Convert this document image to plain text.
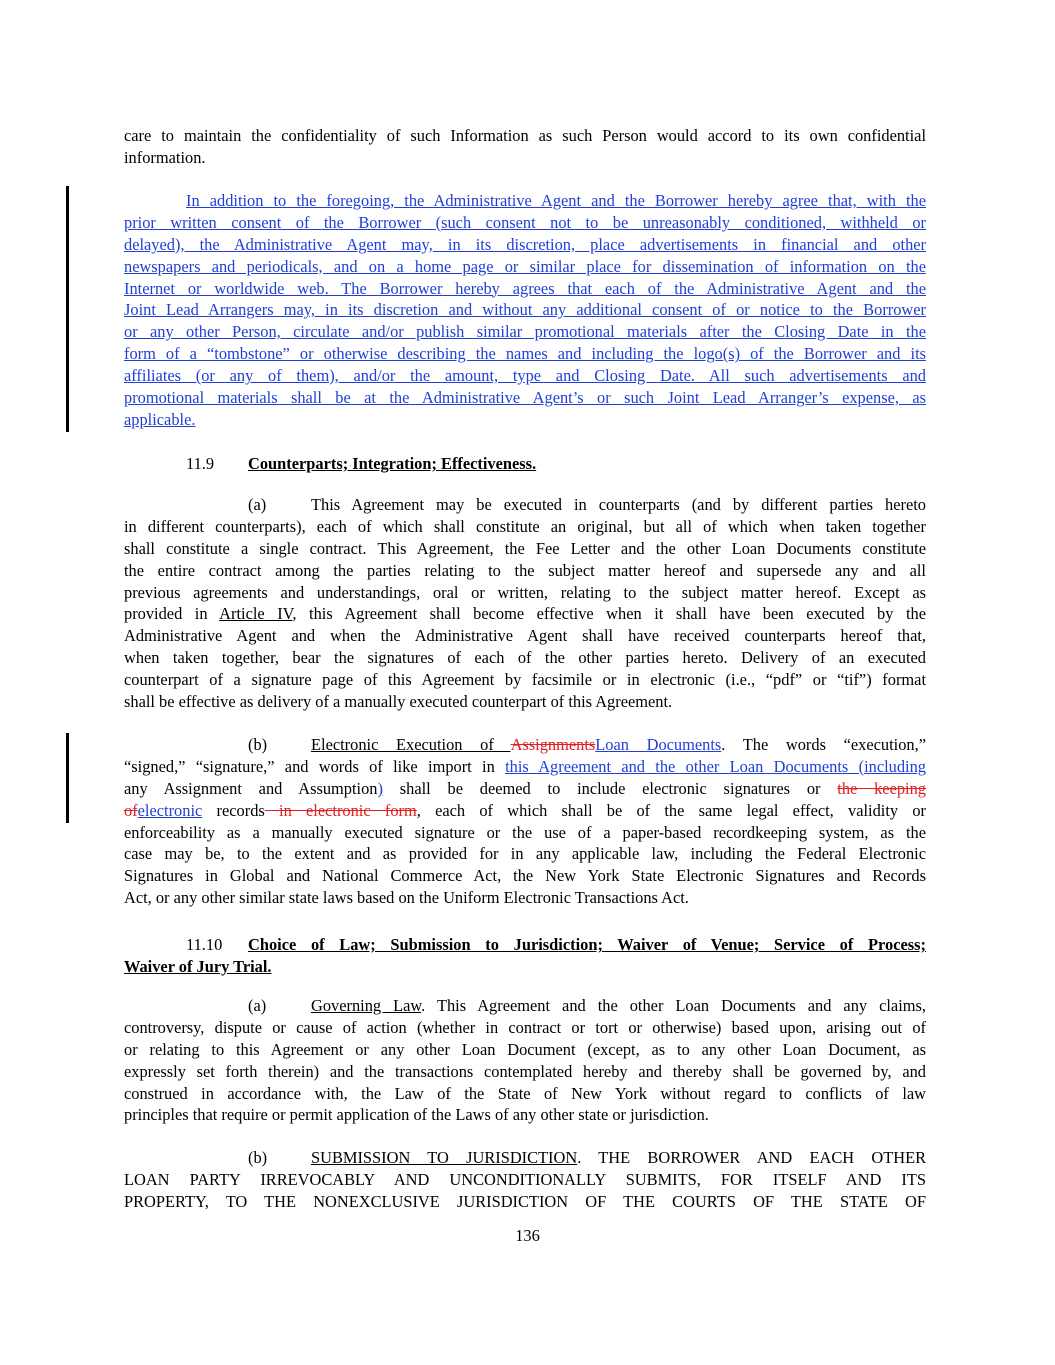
care to maintain the confidentiality of such Information as such Person would accord to its own confidential
information.
In addition to the foregoing, the Administrative Agent and the Borrower hereby agree that, with the
prior written consent of the Borrower (such consent not to be unreasonably conditioned, withheld or
delayed), the Administrative Agent may, in its discretion, place advertisements in financial and other
newspapers and periodicals, and on a home page or similar place for dissemination of information on the
Internet or worldwide web. The Borrower hereby agrees that each of the Administrative Agent and the
Joint Lead Arrangers may, in its discretion and without any additional consent of or notice to the Borrower
or any other Person, circulate and/or publish similar promotional materials after the Closing Date in the
form of a “tombstone” or otherwise describing the names and including the logo(s) of the Borrower and its
affiliates (or any of them), and/or the amount, type and Closing Date. All such advertisements and
promotional materials shall be at the Administrative Agent’s or such Joint Lead Arranger’s expense, as
applicable.
11.9 Counterparts; Integration; Effectiveness.
(a)	This Agreement may be executed in counterparts (and by different parties hereto
in different counterparts), each of which shall constitute an original, but all of which when taken together
shall constitute a single contract. This Agreement, the Fee Letter and the other Loan Documents constitute
the entire contract among the parties relating to the subject matter hereof and supersede any and all
previous agreements and understandings, oral or written, relating to the subject matter hereof. Except as
provided in Article IV, this Agreement shall become effective when it shall have been executed by the
Administrative Agent and when the Administrative Agent shall have received counterparts hereof that,
when taken together, bear the signatures of each of the other parties hereto. Delivery of an executed
counterpart of a signature page of this Agreement by facsimile or in electronic (i.e., “pdf” or “tif”) format
shall be effective as delivery of a manually executed counterpart of this Agreement.
(b)	Electronic Execution of AssignmentsLoan Documents. The words “execution,”
“signed,” “signature,” and words of like import in this Agreement and the other Loan Documents (including
any Assignment and Assumption) shall be deemed to include electronic signatures or the keeping
ofelectronic records in electronic form, each of which shall be of the same legal effect, validity or
enforceability as a manually executed signature or the use of a paper-based recordkeeping system, as the
case may be, to the extent and as provided for in any applicable law, including the Federal Electronic
Signatures in Global and National Commerce Act, the New York State Electronic Signatures and Records
Act, or any other similar state laws based on the Uniform Electronic Transactions Act.
11.10 Choice of Law; Submission to Jurisdiction; Waiver of Venue; Service of Process;
Waiver of Jury Trial.
(a)	Governing Law. This Agreement and the other Loan Documents and any claims,
controversy, dispute or cause of action (whether in contract or tort or otherwise) based upon, arising out of
or relating to this Agreement or any other Loan Document (except, as to any other Loan Document, as
expressly set forth therein) and the transactions contemplated hereby and thereby shall be governed by, and
construed in accordance with, the Law of the State of New York without regard to conflicts of law
principles that require or permit application of the Laws of any other state or jurisdiction.
(b)	SUBMISSION TO JURISDICTION. THE BORROWER AND EACH OTHER
LOAN PARTY IRREVOCABLY AND UNCONDITIONALLY SUBMITS, FOR ITSELF AND ITS
PROPERTY, TO THE NONEXCLUSIVE JURISDICTION OF THE COURTS OF THE STATE OF
136
